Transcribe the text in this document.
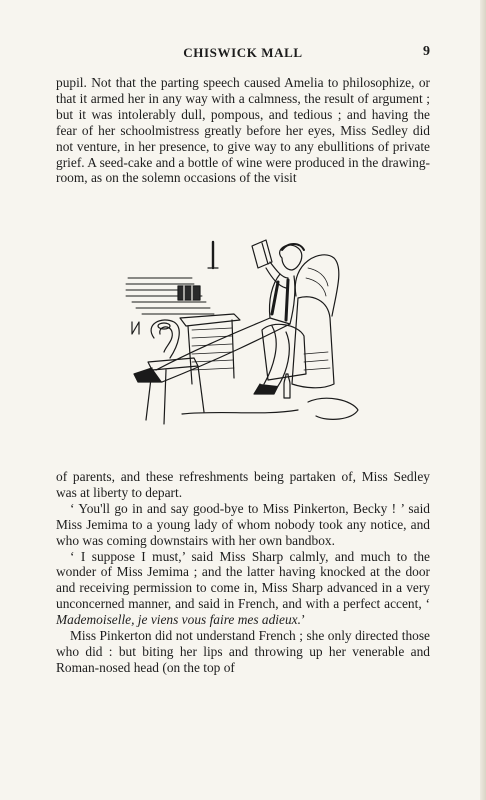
CHISWICK MALL	9

pupil. Not that the parting speech caused Amelia to philosophize, or that it armed her in any way with a calmness, the result of argument ; but it was intolerably dull, pompous, and tedious ; and having the fear of her schoolmistress greatly before her eyes, Miss Sedley did not venture, in her presence, to give way to any ebullitions of private grief. A seed-cake and a bottle of wine were produced in the drawing-room, as on the solemn occasions of the visit

of parents, and these refreshments being partaken of, Miss Sedley was at liberty to depart.

‘ You'll go in and say good-bye to Miss Pinkerton, Becky ! ’ said Miss Jemima to a young lady of whom nobody took any notice, and who was coming downstairs with her own bandbox.

‘ I suppose I must,’ said Miss Sharp calmly, and much to the wonder of Miss Jemima ; and the latter having knocked at the door and receiving permission to come in, Miss Sharp advanced in a very unconcerned manner, and said in French, and with a perfect accent, ‘ Mademoiselle, je viens vous faire mes adieux.’

Miss Pinkerton did not understand French ; she only directed those who did : but biting her lips and throwing up her venerable and Roman-nosed head (on the top of
